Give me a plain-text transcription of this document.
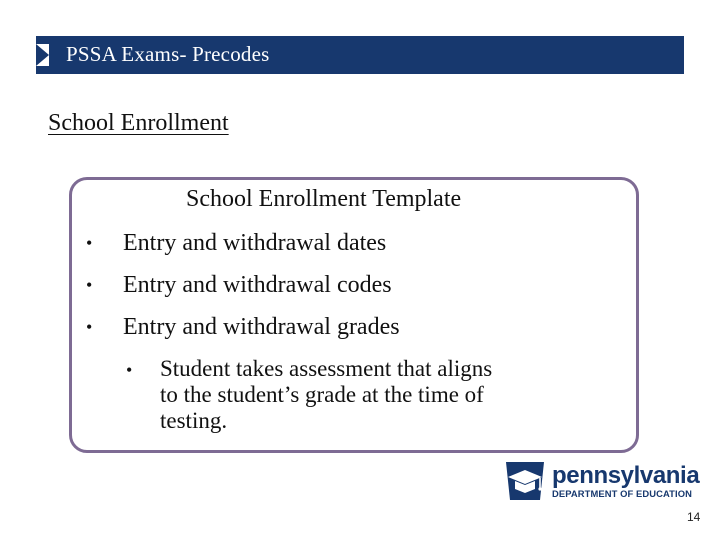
PSSA Exams- Precodes
School Enrollment
School Enrollment Template
• Entry and withdrawal dates
• Entry and withdrawal codes
• Entry and withdrawal grades
• Student takes assessment that aligns
to the student’s grade at the time of
testing.
pennsylvania
DEPARTMENT OF EDUCATION
14
